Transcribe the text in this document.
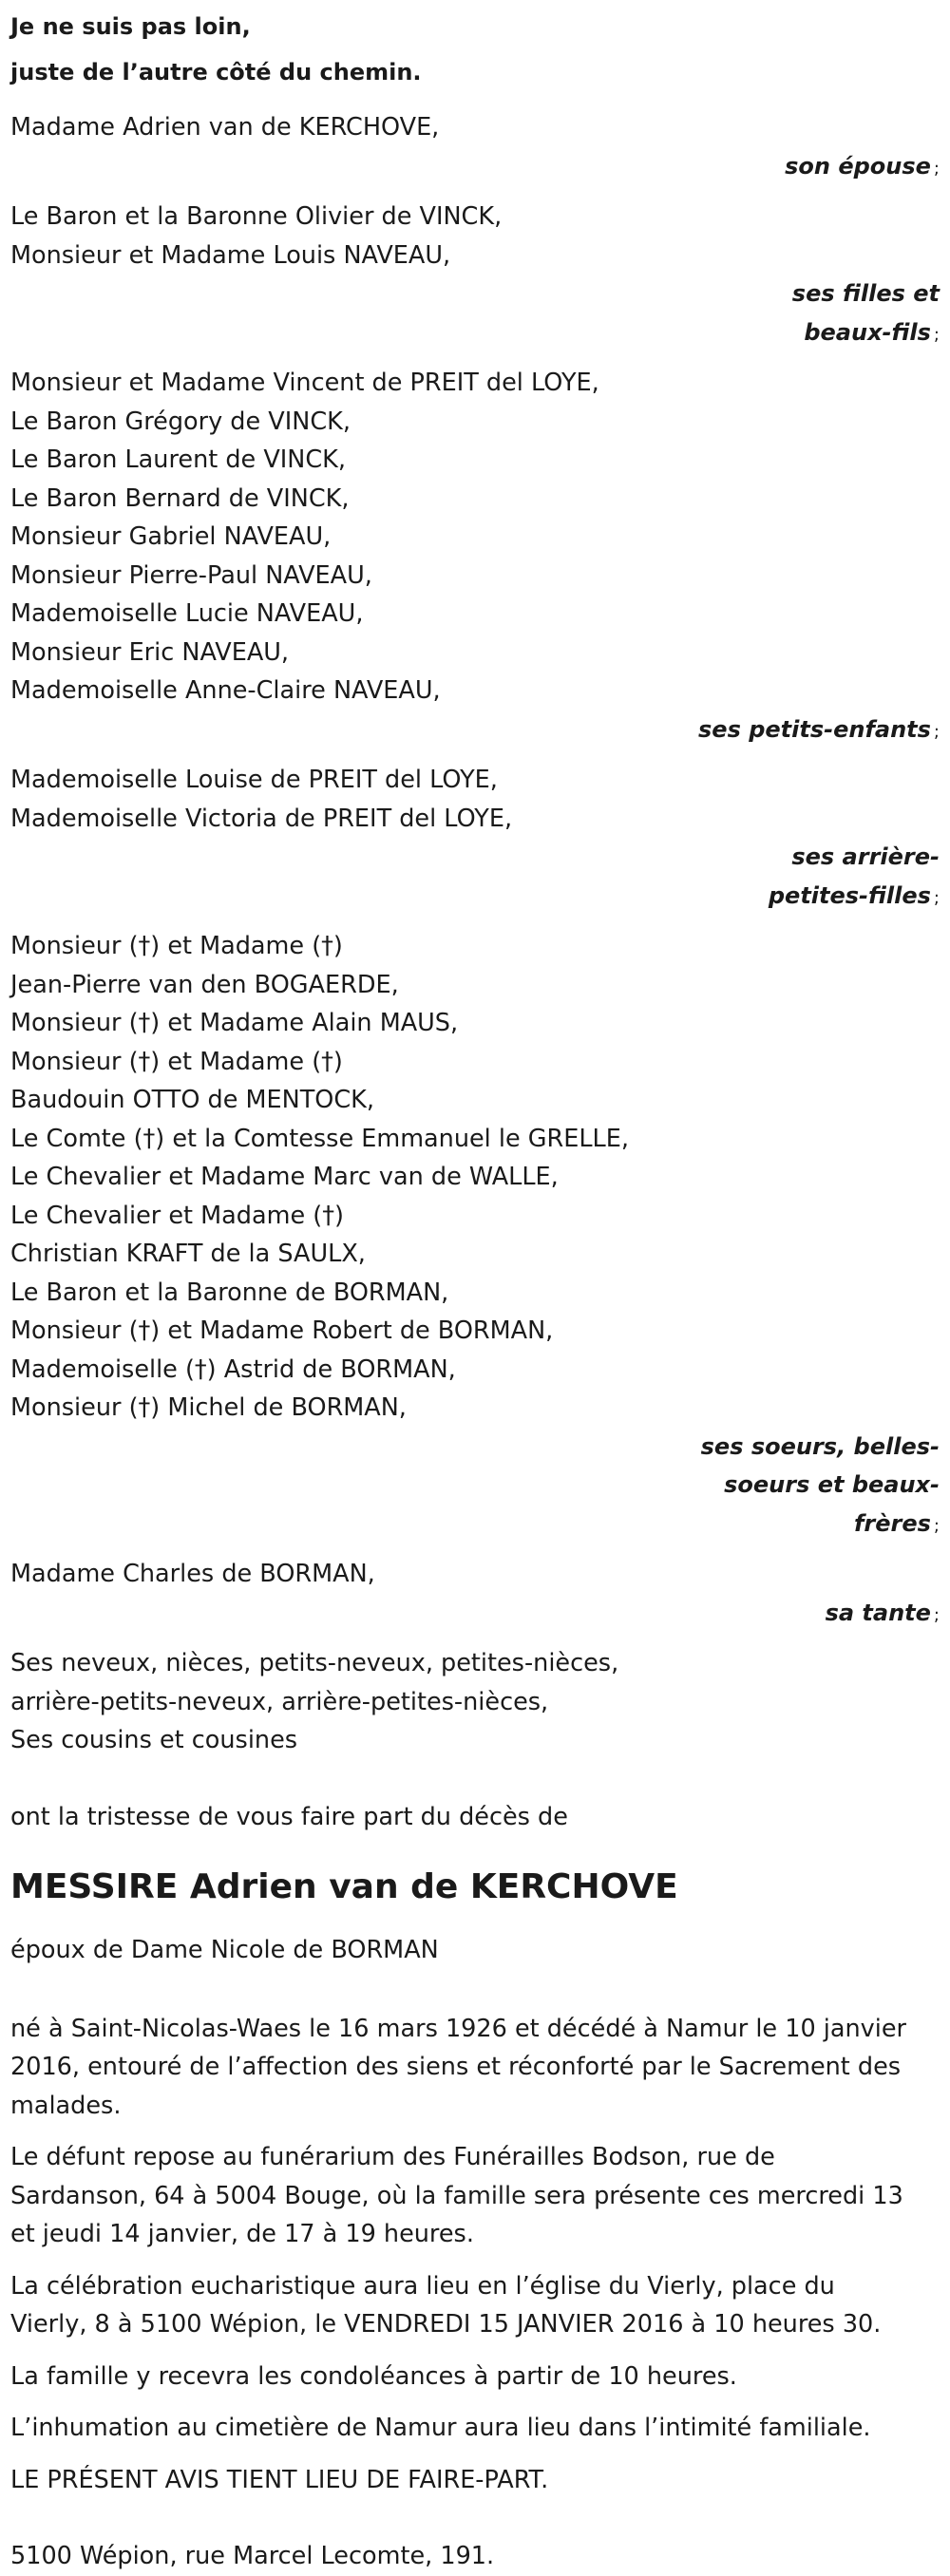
Je ne suis pas loin,
juste de l’autre côté du chemin.
Madame Adrien van de KERCHOVE,
son épouse ;
Le Baron et la Baronne Olivier de VINCK,
Monsieur et Madame Louis NAVEAU,
ses filles et
beaux-fils ;
Monsieur et Madame Vincent de PREIT del LOYE,
Le Baron Grégory de VINCK,
Le Baron Laurent de VINCK,
Le Baron Bernard de VINCK,
Monsieur Gabriel NAVEAU,
Monsieur Pierre-Paul NAVEAU,
Mademoiselle Lucie NAVEAU,
Monsieur Eric NAVEAU,
Mademoiselle Anne-Claire NAVEAU,
ses petits-enfants ;
Mademoiselle Louise de PREIT del LOYE,
Mademoiselle Victoria de PREIT del LOYE,
ses arrière-
petites-filles ;
Monsieur (†) et Madame (†)
Jean-Pierre van den BOGAERDE,
Monsieur (†) et Madame Alain MAUS,
Monsieur (†) et Madame (†)
Baudouin OTTO de MENTOCK,
Le Comte (†) et la Comtesse Emmanuel le GRELLE,
Le Chevalier et Madame Marc van de WALLE,
Le Chevalier et Madame (†)
Christian KRAFT de la SAULX,
Le Baron et la Baronne de BORMAN,
Monsieur (†) et Madame Robert de BORMAN,
Mademoiselle (†) Astrid de BORMAN,
Monsieur (†) Michel de BORMAN,
ses soeurs, belles-
soeurs et beaux-
frères ;
Madame Charles de BORMAN,
sa tante ;
Ses neveux, nièces, petits-neveux, petites-nièces,
arrière-petits-neveux, arrière-petites-nièces,
Ses cousins et cousines
ont la tristesse de vous faire part du décès de
MESSIRE Adrien van de KERCHOVE
époux de Dame Nicole de BORMAN
né à Saint-Nicolas-Waes le 16 mars 1926 et décédé à Namur le 10 janvier
2016, entouré de l’affection des siens et réconforté par le Sacrement des
malades.
Le défunt repose au funérarium des Funérailles Bodson, rue de
Sardanson, 64 à 5004 Bouge, où la famille sera présente ces mercredi 13
et jeudi 14 janvier, de 17 à 19 heures.
La célébration eucharistique aura lieu en l’église du Vierly, place du
Vierly, 8 à 5100 Wépion, le VENDREDI 15 JANVIER 2016 à 10 heures 30.
La famille y recevra les condoléances à partir de 10 heures.
L’inhumation au cimetière de Namur aura lieu dans l’intimité familiale.
LE PRÉSENT AVIS TIENT LIEU DE FAIRE-PART.
5100 Wépion, rue Marcel Lecomte, 191.
